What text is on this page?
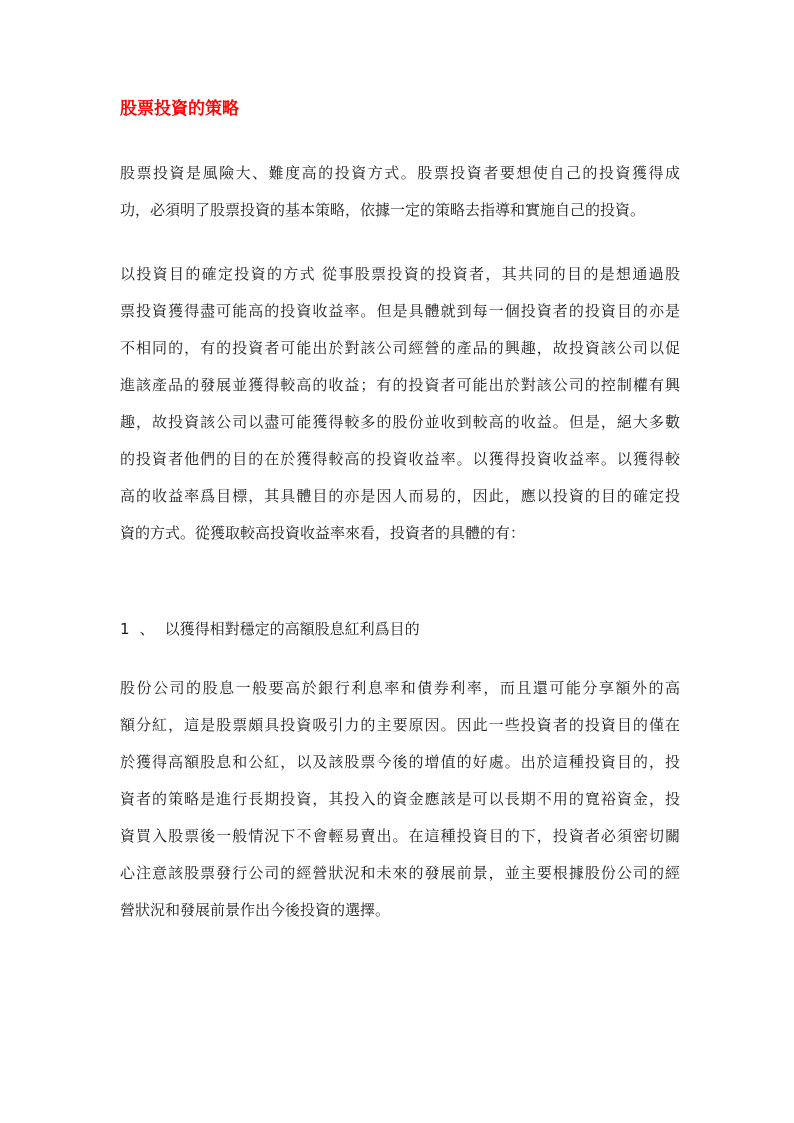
股票投資的策略
股票投資是風險大、難度高的投資方式。股票投資者要想使自己的投資獲得成
功，必須明了股票投資的基本策略，依據一定的策略去指導和實施自己的投資。
以投資目的確定投資的方式 從事股票投資的投資者，其共同的目的是想通過股
票投資獲得盡可能高的投資收益率。但是具體就到每一個投資者的投資目的亦是
不相同的，有的投資者可能出於對該公司經營的產品的興趣，故投資該公司以促
進該產品的發展並獲得較高的收益；有的投資者可能出於對該公司的控制權有興
趣，故投資該公司以盡可能獲得較多的股份並收到較高的收益。但是，絕大多數
的投資者他們的目的在於獲得較高的投資收益率。以獲得投資收益率。以獲得較
高的收益率爲目標，其具體目的亦是因人而易的，因此，應以投資的目的確定投
資的方式。從獲取較高投資收益率來看，投資者的具體的有：
1 、 以獲得相對穩定的高額股息紅利爲目的
股份公司的股息一般要高於銀行利息率和債券利率，而且還可能分享額外的高
額分紅，這是股票頗具投資吸引力的主要原因。因此一些投資者的投資目的僅在
於獲得高額股息和公紅，以及該股票今後的增值的好處。出於這種投資目的，投
資者的策略是進行長期投資，其投入的資金應該是可以長期不用的寬裕資金，投
資買入股票後一般情況下不會輕易賣出。在這種投資目的下，投資者必須密切關
心注意該股票發行公司的經營狀況和未來的發展前景，並主要根據股份公司的經
營狀況和發展前景作出今後投資的選擇。
